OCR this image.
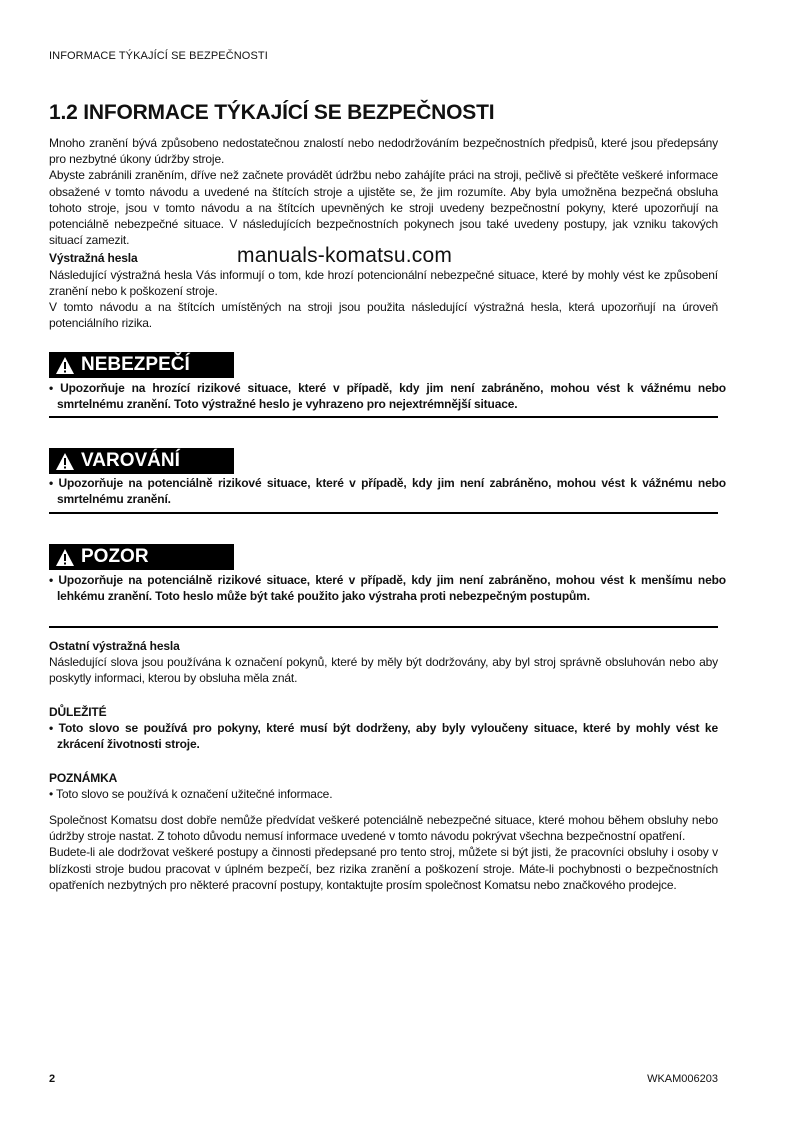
INFORMACE TÝKAJÍCÍ SE BEZPEČNOSTI
1.2 INFORMACE TÝKAJÍCÍ SE BEZPEČNOSTI

Mnoho zranění bývá způsobeno nedostatečnou znalostí nebo nedodržováním bezpečnostních předpisů, které jsou předepsány pro nezbytné úkony údržby stroje.

Abyste zabránili zraněním, dříve než začnete provádět údržbu nebo zahájíte práci na stroji, pečlivě si přečtěte veškeré informace obsažené v tomto návodu a uvedené na štítcích stroje a ujistěte se, že jim rozumíte. Aby byla umožněna bezpečná obsluha tohoto stroje, jsou v tomto návodu a na štítcích upevněných ke stroji uvedeny bezpečnostní pokyny, které upozorňují na potenciálně nebezpečné situace. V následujících bezpečnostních pokynech jsou také uvedeny postupy, jak vzniku takových situací zamezit.

Výstražná hesla

Následující výstražná hesla Vás informují o tom, kde hrozí potencionální nebezpečné situace, které by mohly vést ke způsobení zranění nebo k poškození stroje.

V tomto návodu a na štítcích umístěných na stroji jsou použita následující výstražná hesla, která upozorňují na úroveň potenciálního rizika.

manuals-komatsu.com
NEBEZPEČÍ

• Upozorňuje na hrozící rizikové situace, které v případě, kdy jim není zabráněno, mohou vést k vážnému nebo smrtelnému zranění. Toto výstražné heslo je vyhrazeno pro nejextrémnější situace.

VAROVÁNÍ

• Upozorňuje na potenciálně rizikové situace, které v případě, kdy jim není zabráněno, mohou vést k vážnému nebo smrtelnému zranění.

POZOR

• Upozorňuje na potenciálně rizikové situace, které v případě, kdy jim není zabráněno, mohou vést k menšímu nebo lehkému zranění. Toto heslo může být také použito jako výstraha proti nebezpečným postupům.

Ostatní výstražná hesla

Následující slova jsou používána k označení pokynů, které by měly být dodržovány, aby byl stroj správně obsluhován nebo aby poskytly informaci, kterou by obsluha měla znát.

DŮLEŽITÉ

• Toto slovo se používá pro pokyny, které musí být dodrženy, aby byly vyloučeny situace, které by mohly vést ke zkrácení životnosti stroje.

POZNÁMKA

• Toto slovo se používá k označení užitečné informace.

Společnost Komatsu dost dobře nemůže předvídat veškeré potenciálně nebezpečné situace, které mohou během obsluhy nebo údržby stroje nastat. Z tohoto důvodu nemusí informace uvedené v tomto návodu pokrývat všechna bezpečnostní opatření.

Budete-li ale dodržovat veškeré postupy a činnosti předepsané pro tento stroj, můžete si být jisti, že pracovníci obsluhy i osoby v blízkosti stroje budou pracovat v úplném bezpečí, bez rizika zranění a poškození stroje. Máte-li pochybnosti o bezpečnostních opatřeních nezbytných pro některé pracovní postupy, kontaktujte prosím společnost Komatsu nebo značkového prodejce.

2	WKAM006203
